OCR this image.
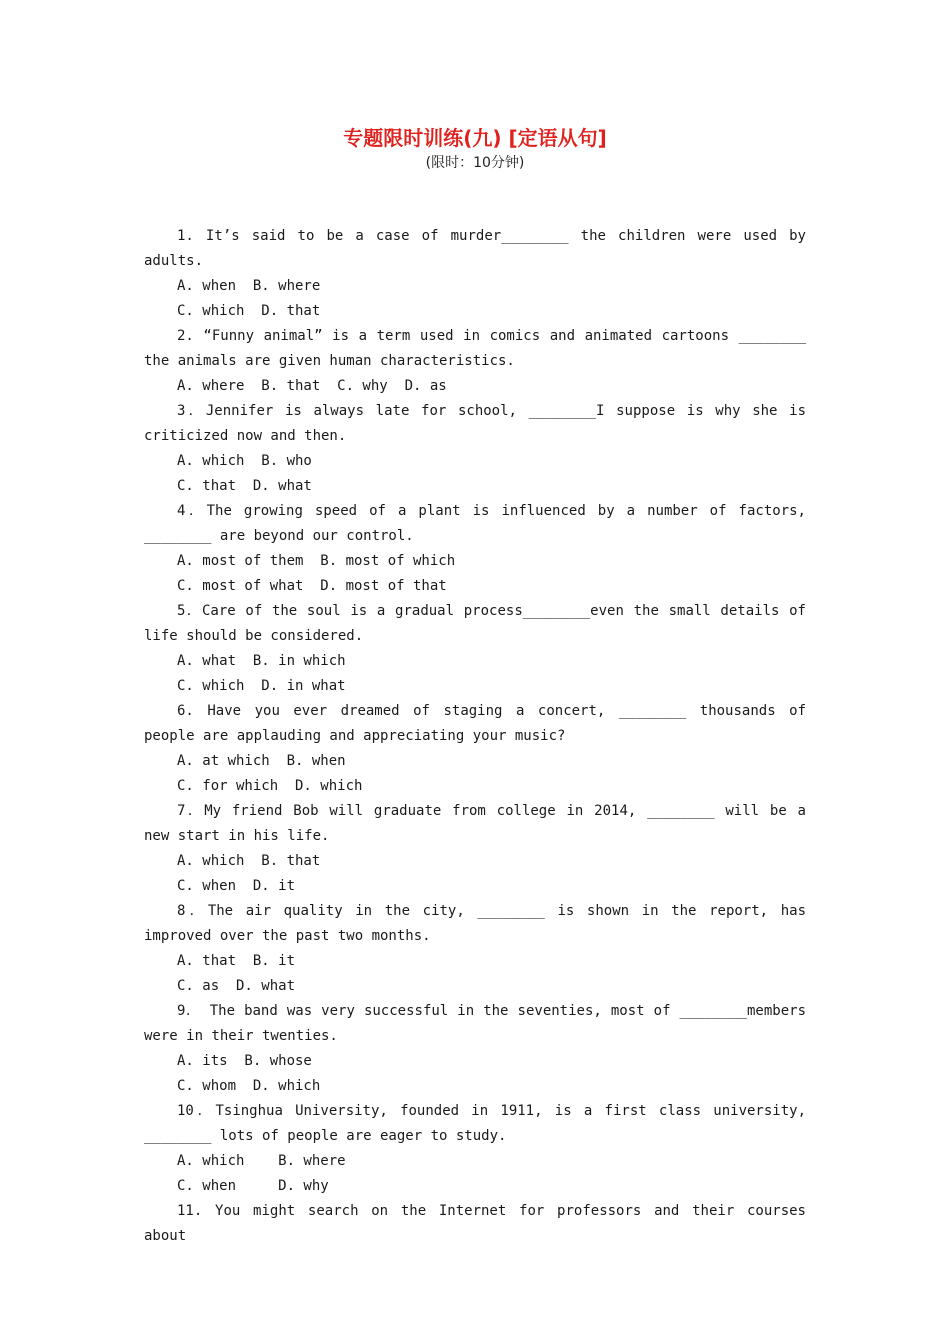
专题限时训练(九) [定语从句]
(限时：10分钟)

1. It’s said to be a case of murder________ the children were used by adults.

A. when  B. where

C. which  D. that

2. “Funny animal” is a term used in comics and animated cartoons ________ the animals are given human characteristics.

A. where  B. that  C. why  D. as

3．Jennifer is always late for school, ________I suppose is why she is criticized now and then.

A. which  B. who

C. that  D. what

4．The growing speed of a plant is influenced by a number of factors, ________ are beyond our control.

A. most of them  B. most of which

C. most of what  D. most of that

5．Care of the soul is a gradual process________even the small details of life should be considered.

A. what  B. in which

C. which  D. in what

6. Have you ever dreamed of staging a concert, ________ thousands of people are applauding and appreciating your music?

A. at which  B. when

C. for which  D. which

7．My friend Bob will graduate from college in 2014, ________ will be a new start in his life.

A. which  B. that

C. when  D. it

8．The air quality in the city, ________ is shown in the report, has improved over the past two months.

A. that  B. it

C. as  D. what

9． The band was very successful in the seventies, most of ________members were in their twenties.

A. its  B. whose

C. whom  D. which

10．Tsinghua University, founded in 1911, is a first class university, ________ lots of people are eager to study.

A. which    B. where

C. when     D. why

11. You might search on the Internet for professors and their courses about
